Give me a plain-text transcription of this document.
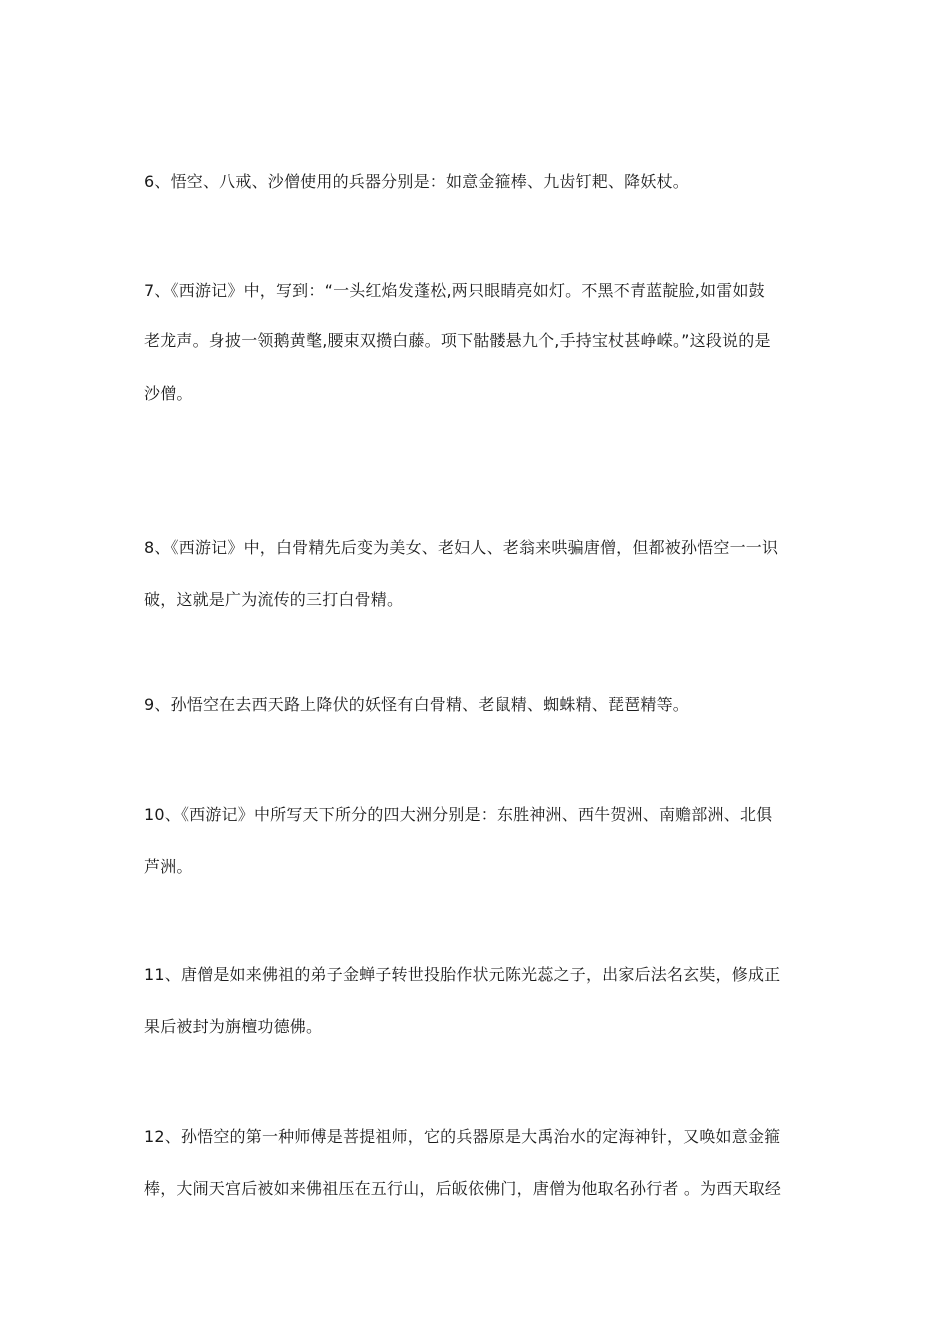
6、悟空、八戒、沙僧使用的兵器分别是：如意金箍棒、九齿钉耙、降妖杖。
7、《西游记》中，写到：“一头红焰发蓬松,两只眼睛亮如灯。不黑不青蓝靛脸,如雷如鼓
老龙声。身披一领鹅黄氅,腰束双攒白藤。项下骷髅悬九个,手持宝杖甚峥嵘。”这段说的是
沙僧。
8、《西游记》中，白骨精先后变为美女、老妇人、老翁来哄骗唐僧，但都被孙悟空一一识
破，这就是广为流传的三打白骨精。
9、孙悟空在去西天路上降伏的妖怪有白骨精、老鼠精、蜘蛛精、琵琶精等。
10、《西游记》中所写天下所分的四大洲分别是：东胜神洲、西牛贺洲、南赡部洲、北俱
芦洲。
11、唐僧是如来佛祖的弟子金蝉子转世投胎作状元陈光蕊之子，出家后法名玄奘，修成正
果后被封为旃檀功德佛。
12、孙悟空的第一种师傅是菩提祖师，它的兵器原是大禹治水的定海神针，又唤如意金箍
棒，大闹天宫后被如来佛祖压在五行山，后皈依佛门，唐僧为他取名孙行者 。为西天取经
